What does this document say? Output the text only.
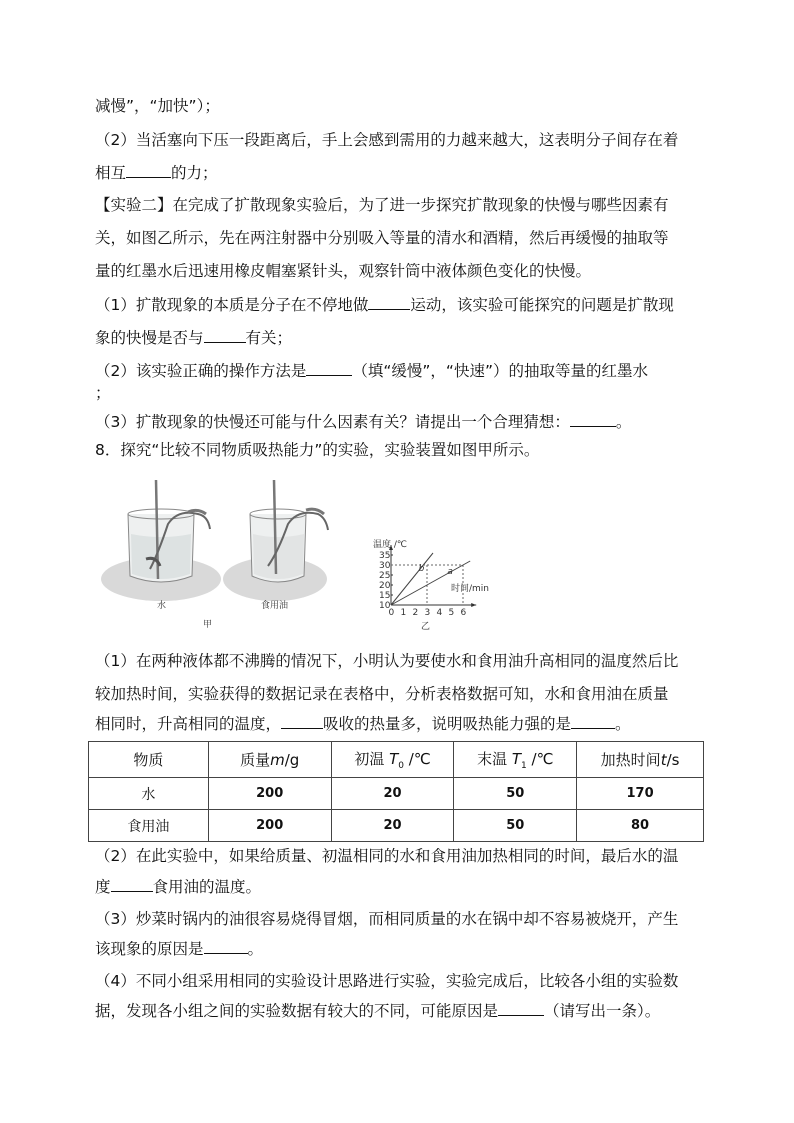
减慢”，“加快”）；
（2）当活塞向下压一段距离后，手上会感到需用的力越来越大，这表明分子间存在着
相互	的力；
【实验二】在完成了扩散现象实验后，为了进一步探究扩散现象的快慢与哪些因素有
关，如图乙所示，先在两注射器中分别吸入等量的清水和酒精，然后再缓慢的抽取等
量的红墨水后迅速用橡皮帽塞紧针头，观察针筒中液体颜色变化的快慢。
（1）扩散现象的本质是分子在不停地做	运动，该实验可能探究的问题是扩散现
象的快慢是否与	有关；
（2）该实验正确的操作方法是	（填“缓慢”，“快速”）的抽取等量的红墨水
；
（3）扩散现象的快慢还可能与什么因素有关？请提出一个合理猜想：	。
8．探究“比较不同物质吸热能力”的实验，实验装置如图甲所示。
水	食用油
甲
0 1 2 3 4 5 6
10
15
20
25
30
35
b	a
温度 /℃
时间/min
乙
（1）在两种液体都不沸腾的情况下，小明认为要使水和食用油升高相同的温度然后比
较加热时间，实验获得的数据记录在表格中，分析表格数据可知，水和食用油在质量
相同时，升高相同的温度，	吸收的热量多，说明吸热能力强的是	。
物质	质量m/g	初温 $T_0$ /℃	末温 $T_1$ /℃	加热时间t/s
水	200	20	50	170
食用油	200	20	50	80
（2）在此实验中，如果给质量、初温相同的水和食用油加热相同的时间，最后水的温
度	食用油的温度。
（3）炒菜时锅内的油很容易烧得冒烟，而相同质量的水在锅中却不容易被烧开，产生
该现象的原因是	。
（4）不同小组采用相同的实验设计思路进行实验，实验完成后，比较各小组的实验数
据，发现各小组之间的实验数据有较大的不同，可能原因是	（请写出一条）。
